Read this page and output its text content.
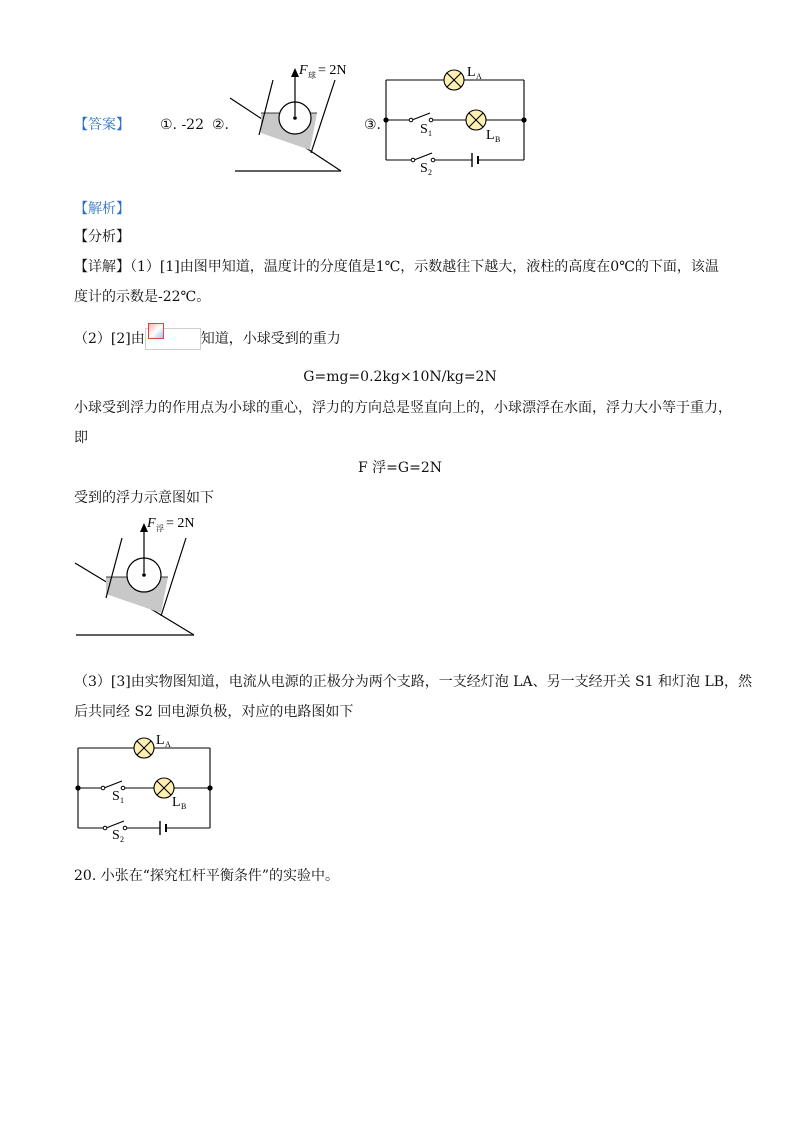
【答案】 ①. -22 ②.	③.
F 球 = 2N	L A
L B
S 1
S 2
【解析】
【分析】
【详解】（1）[1]由图甲知道，温度计的分度值是1℃，示数越往下越大，液柱的高度在0℃的下面，该温
度计的示数是-22℃。
（2）[2]由	知道，小球受到的重力
G=mg=0.2kg×10N/kg=2N
小球受到浮力的作用点为小球的重心，浮力的方向总是竖直向上的，小球漂浮在水面，浮力大小等于重力，
即
F 浮=G=2N
受到的浮力示意图如下
F 浮 = 2N
（3）[3]由实物图知道，电流从电源的正极分为两个支路，一支经灯泡 LA、另一支经开关 S1 和灯泡 LB，然
后共同经 S2 回电源负极，对应的电路图如下
L A
L B
S 1
S 2
20. 小张在“探究杠杆平衡条件”的实验中。
